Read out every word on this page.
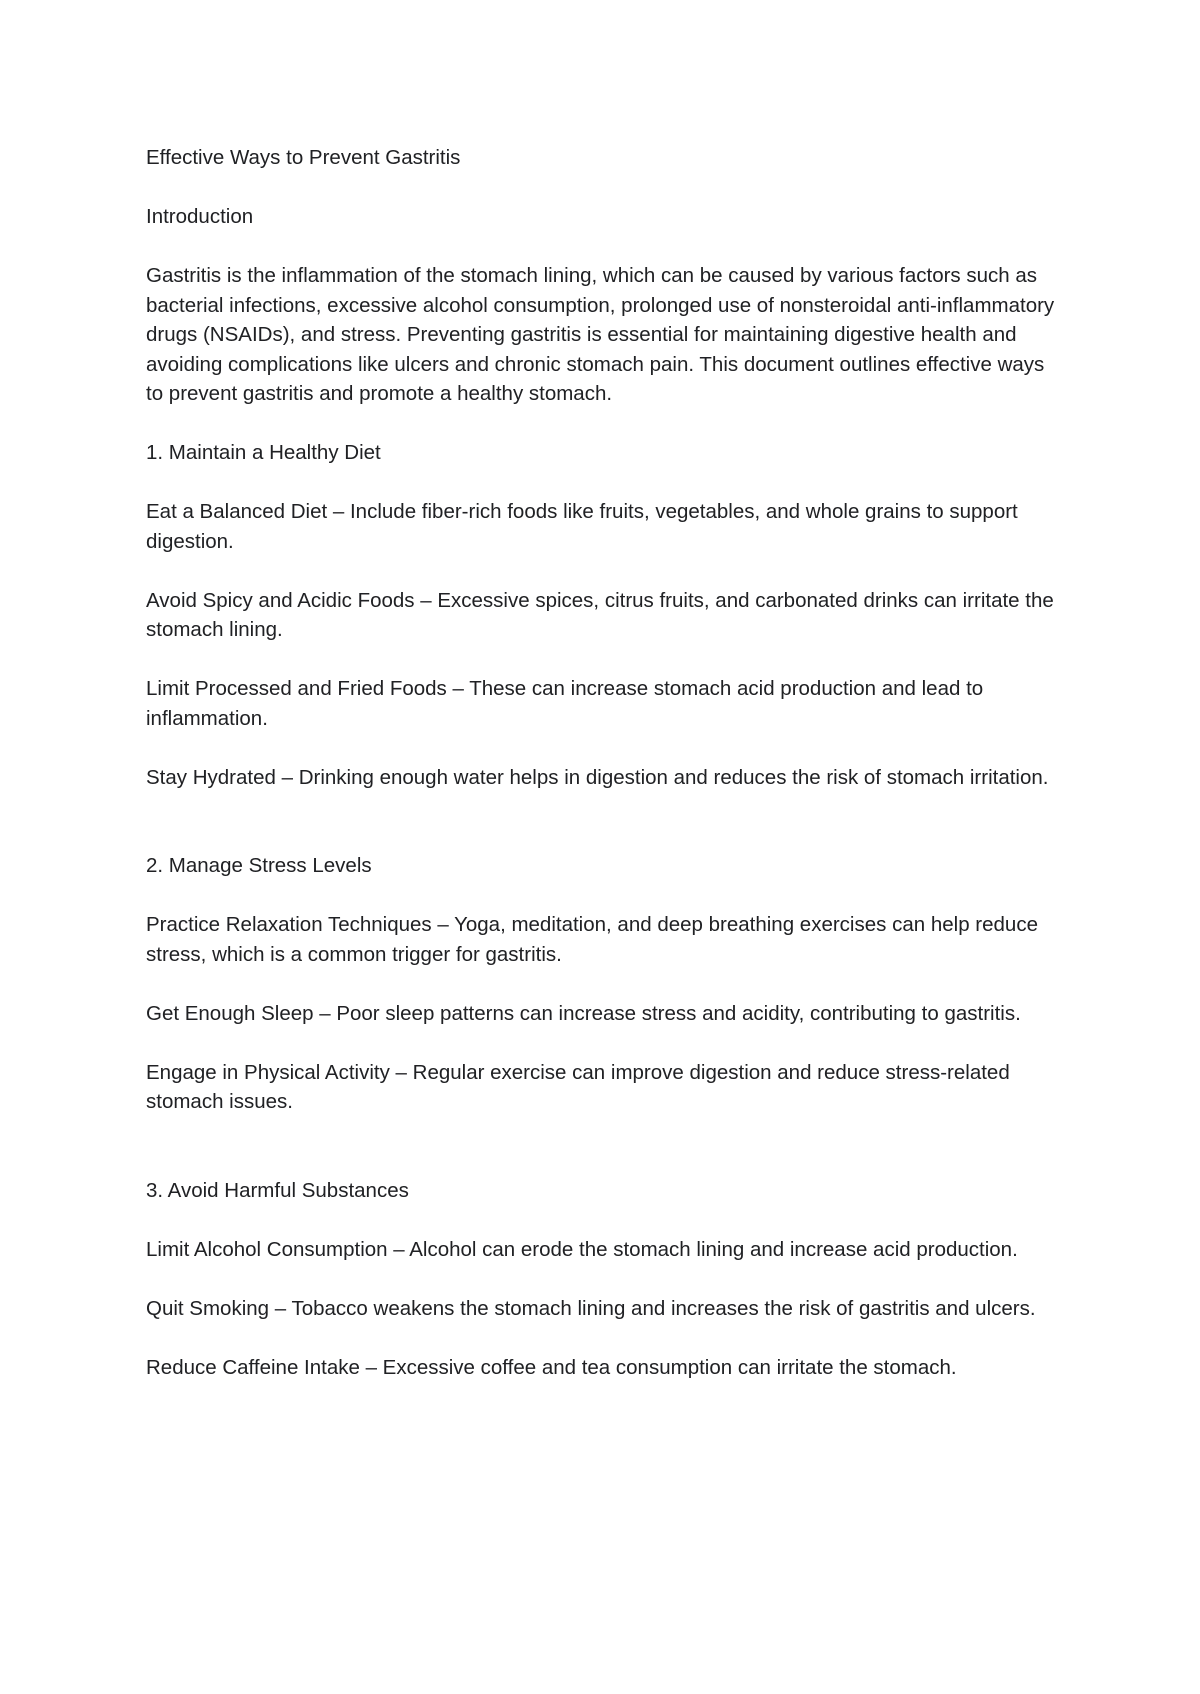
Effective Ways to Prevent Gastritis

Introduction

Gastritis is the inflammation of the stomach lining, which can be caused by various factors such as bacterial infections, excessive alcohol consumption, prolonged use of nonsteroidal anti-inflammatory drugs (NSAIDs), and stress. Preventing gastritis is essential for maintaining digestive health and avoiding complications like ulcers and chronic stomach pain. This document outlines effective ways to prevent gastritis and promote a healthy stomach.

1. Maintain a Healthy Diet

Eat a Balanced Diet – Include fiber-rich foods like fruits, vegetables, and whole grains to support digestion.

Avoid Spicy and Acidic Foods – Excessive spices, citrus fruits, and carbonated drinks can irritate the stomach lining.

Limit Processed and Fried Foods – These can increase stomach acid production and lead to inflammation.

Stay Hydrated – Drinking enough water helps in digestion and reduces the risk of stomach irritation.

2. Manage Stress Levels

Practice Relaxation Techniques – Yoga, meditation, and deep breathing exercises can help reduce stress, which is a common trigger for gastritis.

Get Enough Sleep – Poor sleep patterns can increase stress and acidity, contributing to gastritis.

Engage in Physical Activity – Regular exercise can improve digestion and reduce stress-related stomach issues.

3. Avoid Harmful Substances

Limit Alcohol Consumption – Alcohol can erode the stomach lining and increase acid production.

Quit Smoking – Tobacco weakens the stomach lining and increases the risk of gastritis and ulcers.

Reduce Caffeine Intake – Excessive coffee and tea consumption can irritate the stomach.
